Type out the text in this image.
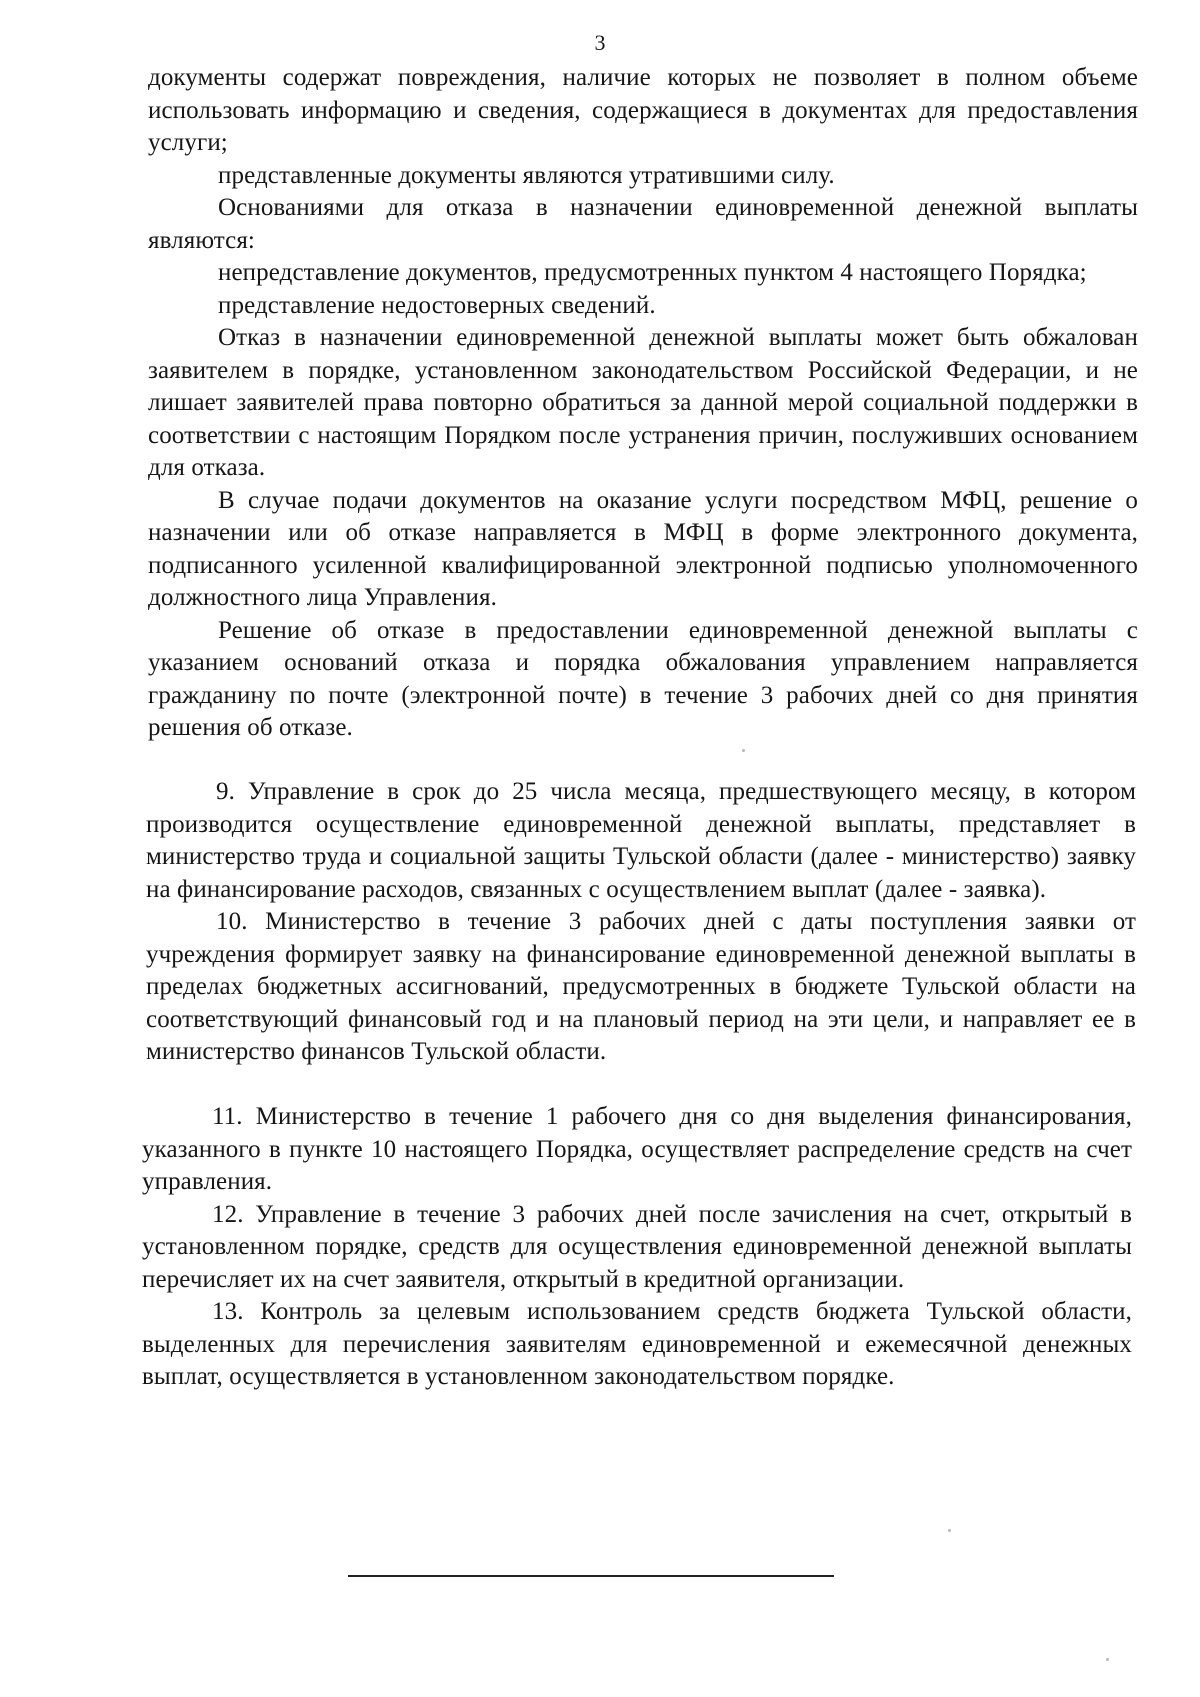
3

документы содержат повреждения, наличие которых не позволяет в полном объеме использовать информацию и сведения, содержащиеся в документах для предоставления услуги;

представленные документы являются утратившими силу.

Основаниями для отказа в назначении единовременной денежной выплаты являются:

непредставление документов, предусмотренных пунктом 4 настоящего Порядка;

представление недостоверных сведений.

Отказ в назначении единовременной денежной выплаты может быть обжалован заявителем в порядке, установленном законодательством Российской Федерации, и не лишает заявителей права повторно обратиться за данной мерой социальной поддержки в соответствии с настоящим Порядком после устранения причин, послуживших основанием для отказа.

В случае подачи документов на оказание услуги посредством МФЦ, решение о назначении или об отказе направляется в МФЦ в форме электронного документа, подписанного усиленной квалифицированной электронной подписью уполномоченного должностного лица Управления.

Решение об отказе в предоставлении единовременной денежной выплаты с указанием оснований отказа и порядка обжалования управлением направляется гражданину по почте (электронной почте) в течение 3 рабочих дней со дня принятия решения об отказе.

9. Управление в срок до 25 числа месяца, предшествующего месяцу, в котором производится осуществление единовременной денежной выплаты, представляет в министерство труда и социальной защиты Тульской области (далее - министерство) заявку на финансирование расходов, связанных с осуществлением выплат (далее - заявка).

10. Министерство в течение 3 рабочих дней с даты поступления заявки от учреждения формирует заявку на финансирование единовременной денежной выплаты в пределах бюджетных ассигнований, предусмотренных в бюджете Тульской области на соответствующий финансовый год и на плановый период на эти цели, и направляет ее в министерство финансов Тульской области.

11. Министерство в течение 1 рабочего дня со дня выделения финансирования, указанного в пункте 10 настоящего Порядка, осуществляет распределение средств на счет управления.

12. Управление в течение 3 рабочих дней после зачисления на счет, открытый в установленном порядке, средств для осуществления единовременной денежной выплаты перечисляет их на счет заявителя, открытый в кредитной организации.

13. Контроль за целевым использованием средств бюджета Тульской области, выделенных для перечисления заявителям единовременной и ежемесячной денежных выплат, осуществляется в установленном законодательством порядке.
